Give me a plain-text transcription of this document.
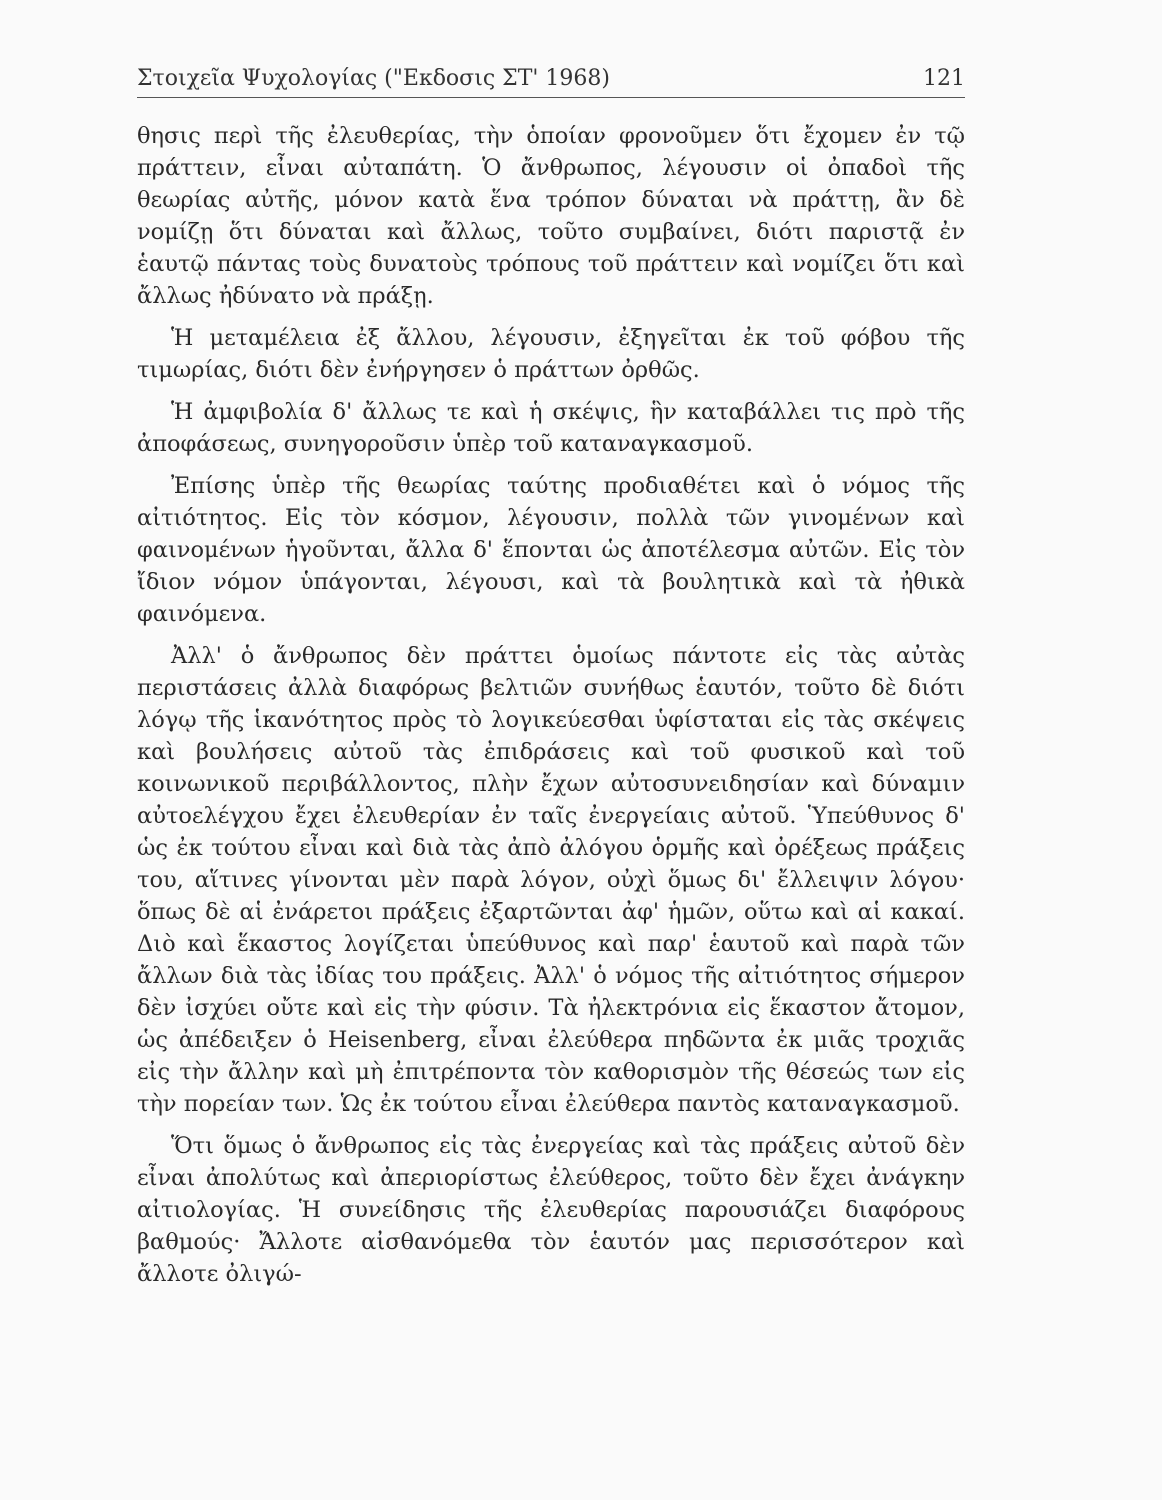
Στοιχεῖα Ψυχολογίας ("Εκδοσις ΣΤ' 1968)	121

θησις περὶ τῆς ἐλευθερίας, τὴν ὁποίαν φρονοῦμεν ὅτι ἔχομεν ἐν τῷ πράττειν, εἶναι αὐταπάτη. Ὁ ἄνθρωπος, λέγουσιν οἱ ὀπαδοὶ τῆς θεωρίας αὐτῆς, μόνον κατὰ ἕνα τρόπον δύναται νὰ πράττῃ, ἂν δὲ νομίζῃ ὅτι δύναται καὶ ἄλλως, τοῦτο συμβαίνει, διότι παριστᾷ ἐν ἑαυτῷ πάντας τοὺς δυνατοὺς τρόπους τοῦ πράττειν καὶ νομίζει ὅτι καὶ ἄλλως ἠδύνατο νὰ πράξῃ.

Ἡ μεταμέλεια ἐξ ἄλλου, λέγουσιν, ἐξηγεῖται ἐκ τοῦ φόβου τῆς τιμωρίας, διότι δὲν ἐνήργησεν ὁ πράττων ὀρθῶς.

Ἡ ἀμφιβολία δ' ἄλλως τε καὶ ἡ σκέψις, ἣν καταβάλλει τις πρὸ τῆς ἀποφάσεως, συνηγοροῦσιν ὑπὲρ τοῦ καταναγκασμοῦ.

Ἐπίσης ὑπὲρ τῆς θεωρίας ταύτης προδιαθέτει καὶ ὁ νόμος τῆς αἰτιότητος. Εἰς τὸν κόσμον, λέγουσιν, πολλὰ τῶν γινομένων καὶ φαινομένων ἡγοῦνται, ἄλλα δ' ἕπονται ὡς ἀποτέλεσμα αὐτῶν. Εἰς τὸν ἴδιον νόμον ὑπάγονται, λέγουσι, καὶ τὰ βουλητικὰ καὶ τὰ ἠθικὰ φαινόμενα.

Ἀλλ' ὁ ἄνθρωπος δὲν πράττει ὁμοίως πάντοτε εἰς τὰς αὐτὰς περιστάσεις ἀλλὰ διαφόρως βελτιῶν συνήθως ἑαυτόν, τοῦτο δὲ διότι λόγῳ τῆς ἱκανότητος πρὸς τὸ λογικεύεσθαι ὑφίσταται εἰς τὰς σκέψεις καὶ βουλήσεις αὐτοῦ τὰς ἐπιδράσεις καὶ τοῦ φυσικοῦ καὶ τοῦ κοινωνικοῦ περιβάλλοντος, πλὴν ἔχων αὐτοσυνειδησίαν καὶ δύναμιν αὐτοελέγχου ἔχει ἐλευθερίαν ἐν ταῖς ἐνεργείαις αὐτοῦ. Ὑπεύθυνος δ' ὡς ἐκ τούτου εἶναι καὶ διὰ τὰς ἀπὸ ἀλόγου ὁρμῆς καὶ ὀρέξεως πράξεις του, αἵτινες γίνονται μὲν παρὰ λόγον, οὐχὶ ὅμως δι' ἔλλειψιν λόγου· ὅπως δὲ αἱ ἐνάρετοι πράξεις ἐξαρτῶνται ἀφ' ἡμῶν, οὕτω καὶ αἱ κακαί. Διὸ καὶ ἕκαστος λογίζεται ὑπεύθυνος καὶ παρ' ἑαυτοῦ καὶ παρὰ τῶν ἄλλων διὰ τὰς ἰδίας του πράξεις. Ἀλλ' ὁ νόμος τῆς αἰτιότητος σήμερον δὲν ἰσχύει οὔτε καὶ εἰς τὴν φύσιν. Τὰ ἠλεκτρόνια εἰς ἕκαστον ἄτομον, ὡς ἀπέδειξεν ὁ Heisenberg, εἶναι ἐλεύθερα πηδῶντα ἐκ μιᾶς τροχιᾶς εἰς τὴν ἄλλην καὶ μὴ ἐπιτρέποντα τὸν καθορισμὸν τῆς θέσεώς των εἰς τὴν πορείαν των. Ὡς ἐκ τούτου εἶναι ἐλεύθερα παντὸς καταναγκασμοῦ.

Ὅτι ὅμως ὁ ἄνθρωπος εἰς τὰς ἐνεργείας καὶ τὰς πράξεις αὐτοῦ δὲν εἶναι ἀπολύτως καὶ ἀπεριορίστως ἐλεύθερος, τοῦτο δὲν ἔχει ἀνάγκην αἰτιολογίας. Ἡ συνείδησις τῆς ἐλευθερίας παρουσιάζει διαφόρους βαθμούς· Ἄλλοτε αἰσθανόμεθα τὸν ἑαυτόν μας περισσότερον καὶ ἄλλοτε ὀλιγώ-
